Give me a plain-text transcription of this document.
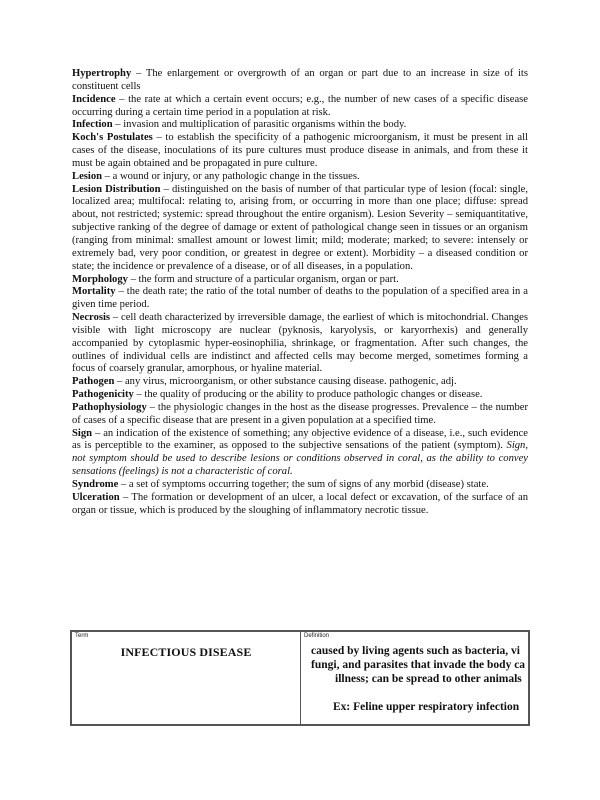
Hypertrophy – The enlargement or overgrowth of an organ or part due to an increase in size of its constituent cells

Incidence – the rate at which a certain event occurs; e.g., the number of new cases of a specific disease occurring during a certain time period in a population at risk.

Infection – invasion and multiplication of parasitic organisms within the body.

Koch's Postulates – to establish the specificity of a pathogenic microorganism, it must be present in all cases of the disease, inoculations of its pure cultures must produce disease in animals, and from these it must be again obtained and be propagated in pure culture.

Lesion – a wound or injury, or any pathologic change in the tissues.

Lesion Distribution – distinguished on the basis of number of that particular type of lesion (focal: single, localized area; multifocal: relating to, arising from, or occurring in more than one place; diffuse: spread about, not restricted; systemic: spread throughout the entire organism). Lesion Severity – semiquantitative, subjective ranking of the degree of damage or extent of pathological change seen in tissues or an organism (ranging from minimal: smallest amount or lowest limit; mild; moderate; marked; to severe: intensely or extremely bad, very poor condition, or greatest in degree or extent). Morbidity – a diseased condition or state; the incidence or prevalence of a disease, or of all diseases, in a population.

Morphology – the form and structure of a particular organism, organ or part.

Mortality – the death rate; the ratio of the total number of deaths to the population of a specified area in a given time period.

Necrosis – cell death characterized by irreversible damage, the earliest of which is mitochondrial. Changes visible with light microscopy are nuclear (pyknosis, karyolysis, or karyorrhexis) and generally accompanied by cytoplasmic hyper-eosinophilia, shrinkage, or fragmentation. After such changes, the outlines of individual cells are indistinct and affected cells may become merged, sometimes forming a focus of coarsely granular, amorphous, or hyaline material.

Pathogen – any virus, microorganism, or other substance causing disease. pathogenic, adj.

Pathogenicity – the quality of producing or the ability to produce pathologic changes or disease.

Pathophysiology – the physiologic changes in the host as the disease progresses. Prevalence – the number of cases of a specific disease that are present in a given population at a specified time.

Sign – an indication of the existence of something; any objective evidence of a disease, i.e., such evidence as is perceptible to the examiner, as opposed to the subjective sensations of the patient (symptom). Sign, not symptom should be used to describe lesions or conditions observed in coral, as the ability to convey sensations (feelings) is not a characteristic of coral.

Syndrome – a set of symptoms occurring together; the sum of signs of any morbid (disease) state.

Ulceration – The formation or development of an ulcer, a local defect or excavation, of the surface of an organ or tissue, which is produced by the sloughing of inflammatory necrotic tissue.

Term
INFECTIOUS DISEASE
Definition
caused by living agents such as bacteria, vi
fungi, and parasites that invade the body ca
illness; can be spread to other animals
Ex: Feline upper respiratory infection
